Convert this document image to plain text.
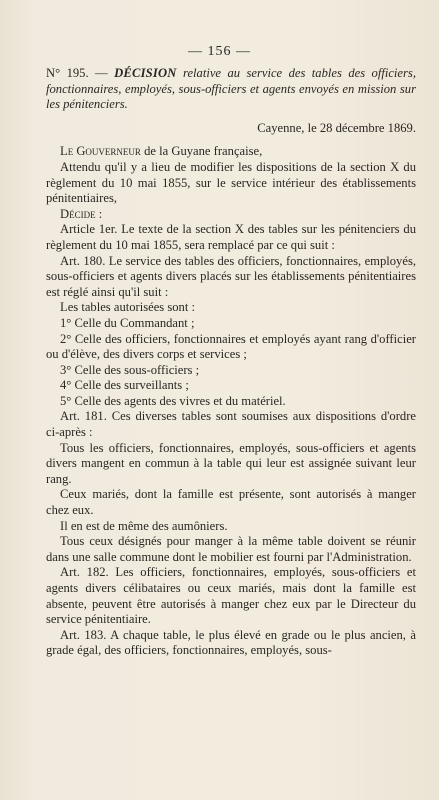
— 156 —

N° 195. — DÉCISION relative au service des tables des officiers, fonctionnaires, employés, sous-officiers et agents envoyés en mission sur les pénitenciers.

Cayenne, le 28 décembre 1869.

Le Gouverneur de la Guyane française,

Attendu qu'il y a lieu de modifier les dispositions de la section X du règlement du 10 mai 1855, sur le service intérieur des établissements pénitentiaires,

Décide :

Article 1er. Le texte de la section X des tables sur les pénitenciers du règlement du 10 mai 1855, sera remplacé par ce qui suit :

Art. 180. Le service des tables des officiers, fonctionnaires, employés, sous-officiers et agents divers placés sur les établissements pénitentiaires est réglé ainsi qu'il suit :

Les tables autorisées sont :

1° Celle du Commandant ;

2° Celle des officiers, fonctionnaires et employés ayant rang d'officier ou d'élève, des divers corps et services ;

3° Celle des sous-officiers ;

4° Celle des surveillants ;

5° Celle des agents des vivres et du matériel.

Art. 181. Ces diverses tables sont soumises aux dispositions d'ordre ci-après :

Tous les officiers, fonctionnaires, employés, sous-officiers et agents divers mangent en commun à la table qui leur est assignée suivant leur rang.

Ceux mariés, dont la famille est présente, sont autorisés à manger chez eux.

Il en est de même des aumôniers.

Tous ceux désignés pour manger à la même table doivent se réunir dans une salle commune dont le mobilier est fourni par l'Administration.

Art. 182. Les officiers, fonctionnaires, employés, sous-officiers et agents divers célibataires ou ceux mariés, mais dont la famille est absente, peuvent être autorisés à manger chez eux par le Directeur du service pénitentiaire.

Art. 183. A chaque table, le plus élevé en grade ou le plus ancien, à grade égal, des officiers, fonctionnaires, employés, sous-
